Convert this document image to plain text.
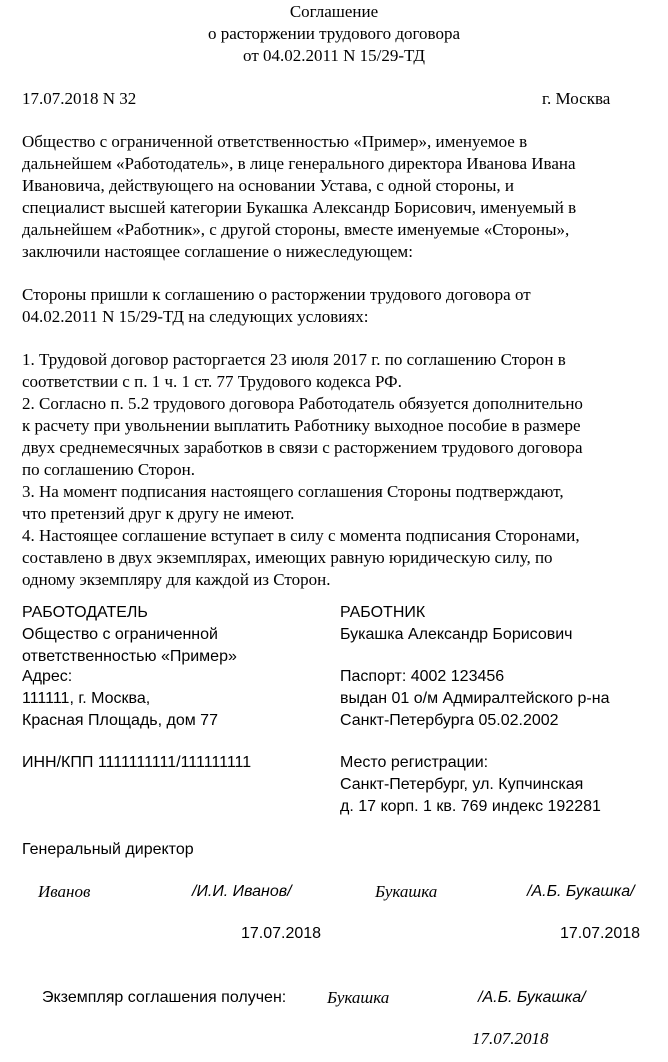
Соглашение
о расторжении трудового договора
от 04.02.2011 N 15/29-ТД
17.07.2018 N 32	г. Москва
Общество с ограниченной ответственностью «Пример», именуемое в
дальнейшем «Работодатель», в лице генерального директора Иванова Ивана
Ивановича, действующего на основании Устава, с одной стороны, и
специалист высшей категории Букашка Александр Борисович, именуемый в
дальнейшем «Работник», с другой стороны, вместе именуемые «Стороны»,
заключили настоящее соглашение о нижеследующем:
Стороны пришли к соглашению о расторжении трудового договора от
04.02.2011 N 15/29-ТД на следующих условиях:
1. Трудовой договор расторгается 23 июля 2017 г. по соглашению Сторон в
соответствии с п. 1 ч. 1 ст. 77 Трудового кодекса РФ.
2. Согласно п. 5.2 трудового договора Работодатель обязуется дополнительно
к расчету при увольнении выплатить Работнику выходное пособие в размере
двух среднемесячных заработков в связи с расторжением трудового договора
по соглашению Сторон.
3. На момент подписания настоящего соглашения Стороны подтверждают,
что претензий друг к другу не имеют.
4. Настоящее соглашение вступает в силу с момента подписания Сторонами,
составлено в двух экземплярах, имеющих равную юридическую силу, по
одному экземпляру для каждой из Сторон.
РАБОТОДАТЕЛЬ
Общество с ограниченной
ответственностью «Пример»
Адрес:
111111, г. Москва,
Красная Площадь, дом 77
ИНН/КПП 1111111111/111111111
РАБОТНИК
Букашка Александр Борисович
Паспорт: 4002 123456
выдан 01 о/м Адмиралтейского р-на
Санкт-Петербурга 05.02.2002
Место регистрации:
Санкт-Петербург, ул. Купчинская
д. 17 корп. 1 кв. 769 индекс 192281
Генеральный директор
Иванов	/И.И. Иванов/	Букашка	/А.Б. Букашка/
17.07.2018	17.07.2018
Экземпляр соглашения получен: Букашка	/А.Б. Букашка/
17.07.2018
